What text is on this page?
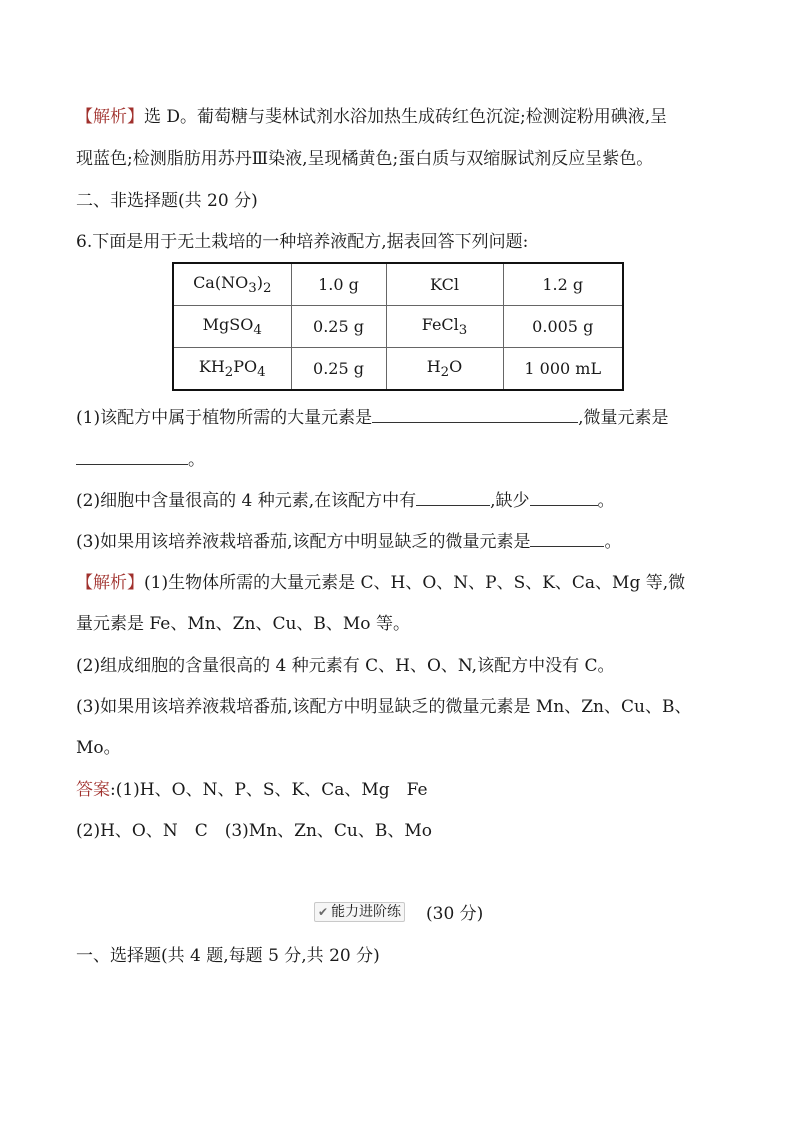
【解析】选 D。葡萄糖与斐林试剂水浴加热生成砖红色沉淀;检测淀粉用碘液,呈
现蓝色;检测脂肪用苏丹Ⅲ染液,呈现橘黄色;蛋白质与双缩脲试剂反应呈紫色。
二、非选择题(共 20 分)
6.下面是用于无土栽培的一种培养液配方,据表回答下列问题:
$Ca(NO_3)_2$	1.0 g	KCl	1.2 g
MgSO$_4$	0.25 g	FeCl$_3$	0.005 g
$KH_2PO_4$	0.25 g	$H_2O$	1 000 mL
(1)该配方中属于植物所需的大量元素是	,微量元素是
。
(2)细胞中含量很高的 4 种元素,在该配方中有	,缺少	。
(3)如果用该培养液栽培番茄,该配方中明显缺乏的微量元素是	。
【解析】(1)生物体所需的大量元素是 C、H、O、N、P、S、K、Ca、Mg 等,微
量元素是 Fe、Mn、Zn、Cu、B、Mo 等。
(2)组成细胞的含量很高的 4 种元素有 C、H、O、N,该配方中没有 C。
(3)如果用该培养液栽培番茄,该配方中明显缺乏的微量元素是 Mn、Zn、Cu、B、
Mo。
答案:(1)H、O、N、P、S、K、Ca、Mg　Fe
(2)H、O、N　C　(3)Mn、Zn、Cu、B、Mo
✔ 能力进阶练 (30 分)
一、选择题(共 4 题,每题 5 分,共 20 分)
